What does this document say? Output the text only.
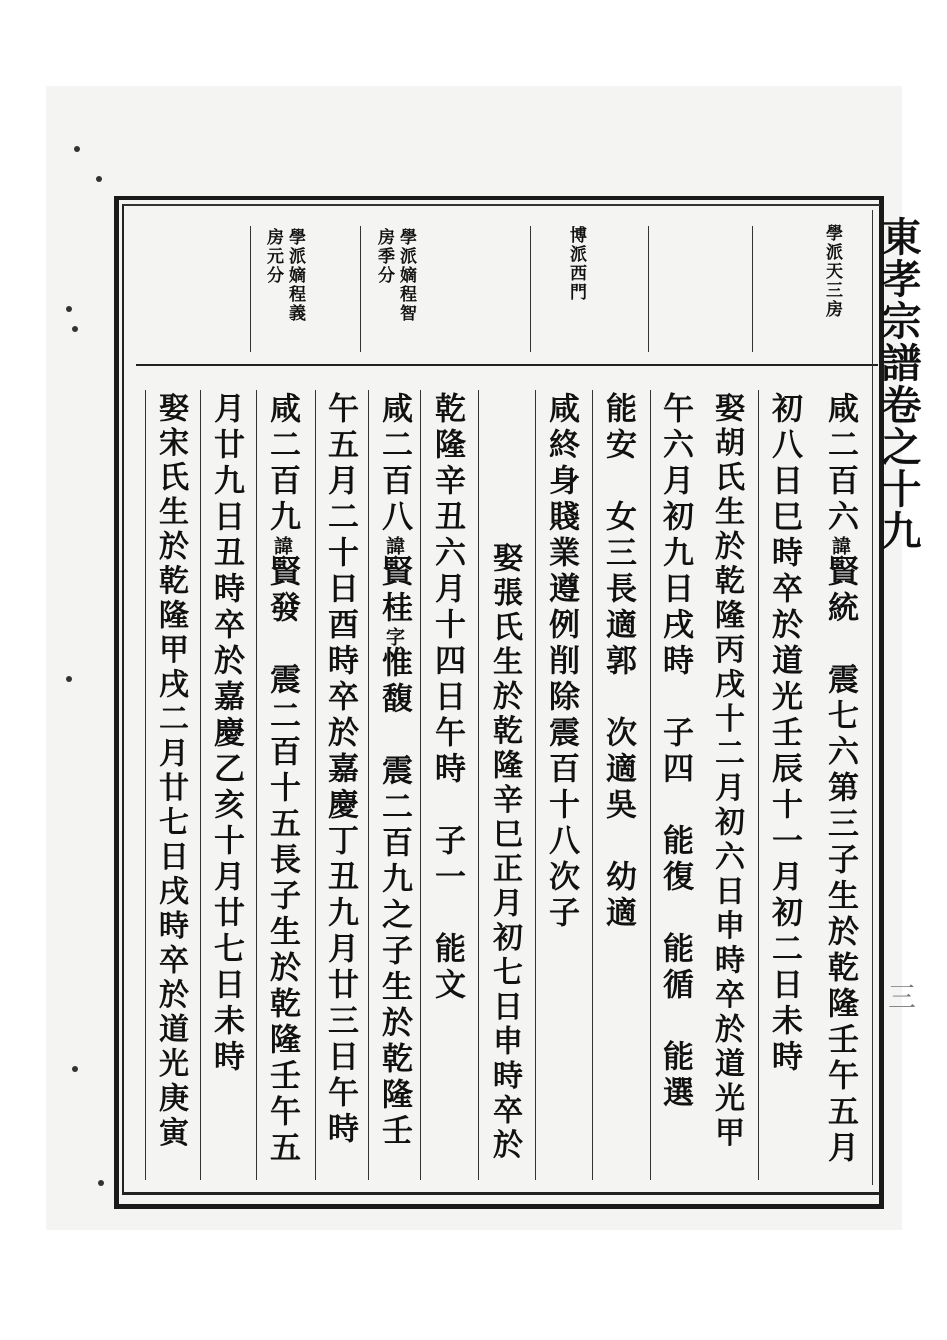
東孝宗譜卷之十九
三
學派天三房
博派西門
學派嫡程智
房季分
學派嫡程義
房元分
咸二百六諱賢統　震七六第三子生於乾隆壬午五月
初八日巳時卒於道光壬辰十一月初二日未時
娶胡氏生於乾隆丙戌十二月初六日申時卒於道光甲
午六月初九日戌時　子四　能復　能循　能選
能安　女三長適郭　次適吳　幼適
咸終身賤業遵例削除震百十八次子
娶張氏生於乾隆辛巳正月初七日申時卒於
乾隆辛丑六月十四日午時　子一　能文
咸二百八諱賢桂字惟馥　震二百九之子生於乾隆壬
午五月二十日酉時卒於嘉慶丁丑九月廿三日午時
咸二百九諱賢發　震二百十五長子生於乾隆壬午五
月廿九日丑時卒於嘉慶乙亥十月廿七日未時
娶宋氏生於乾隆甲戌二月廿七日戌時卒於道光庚寅
